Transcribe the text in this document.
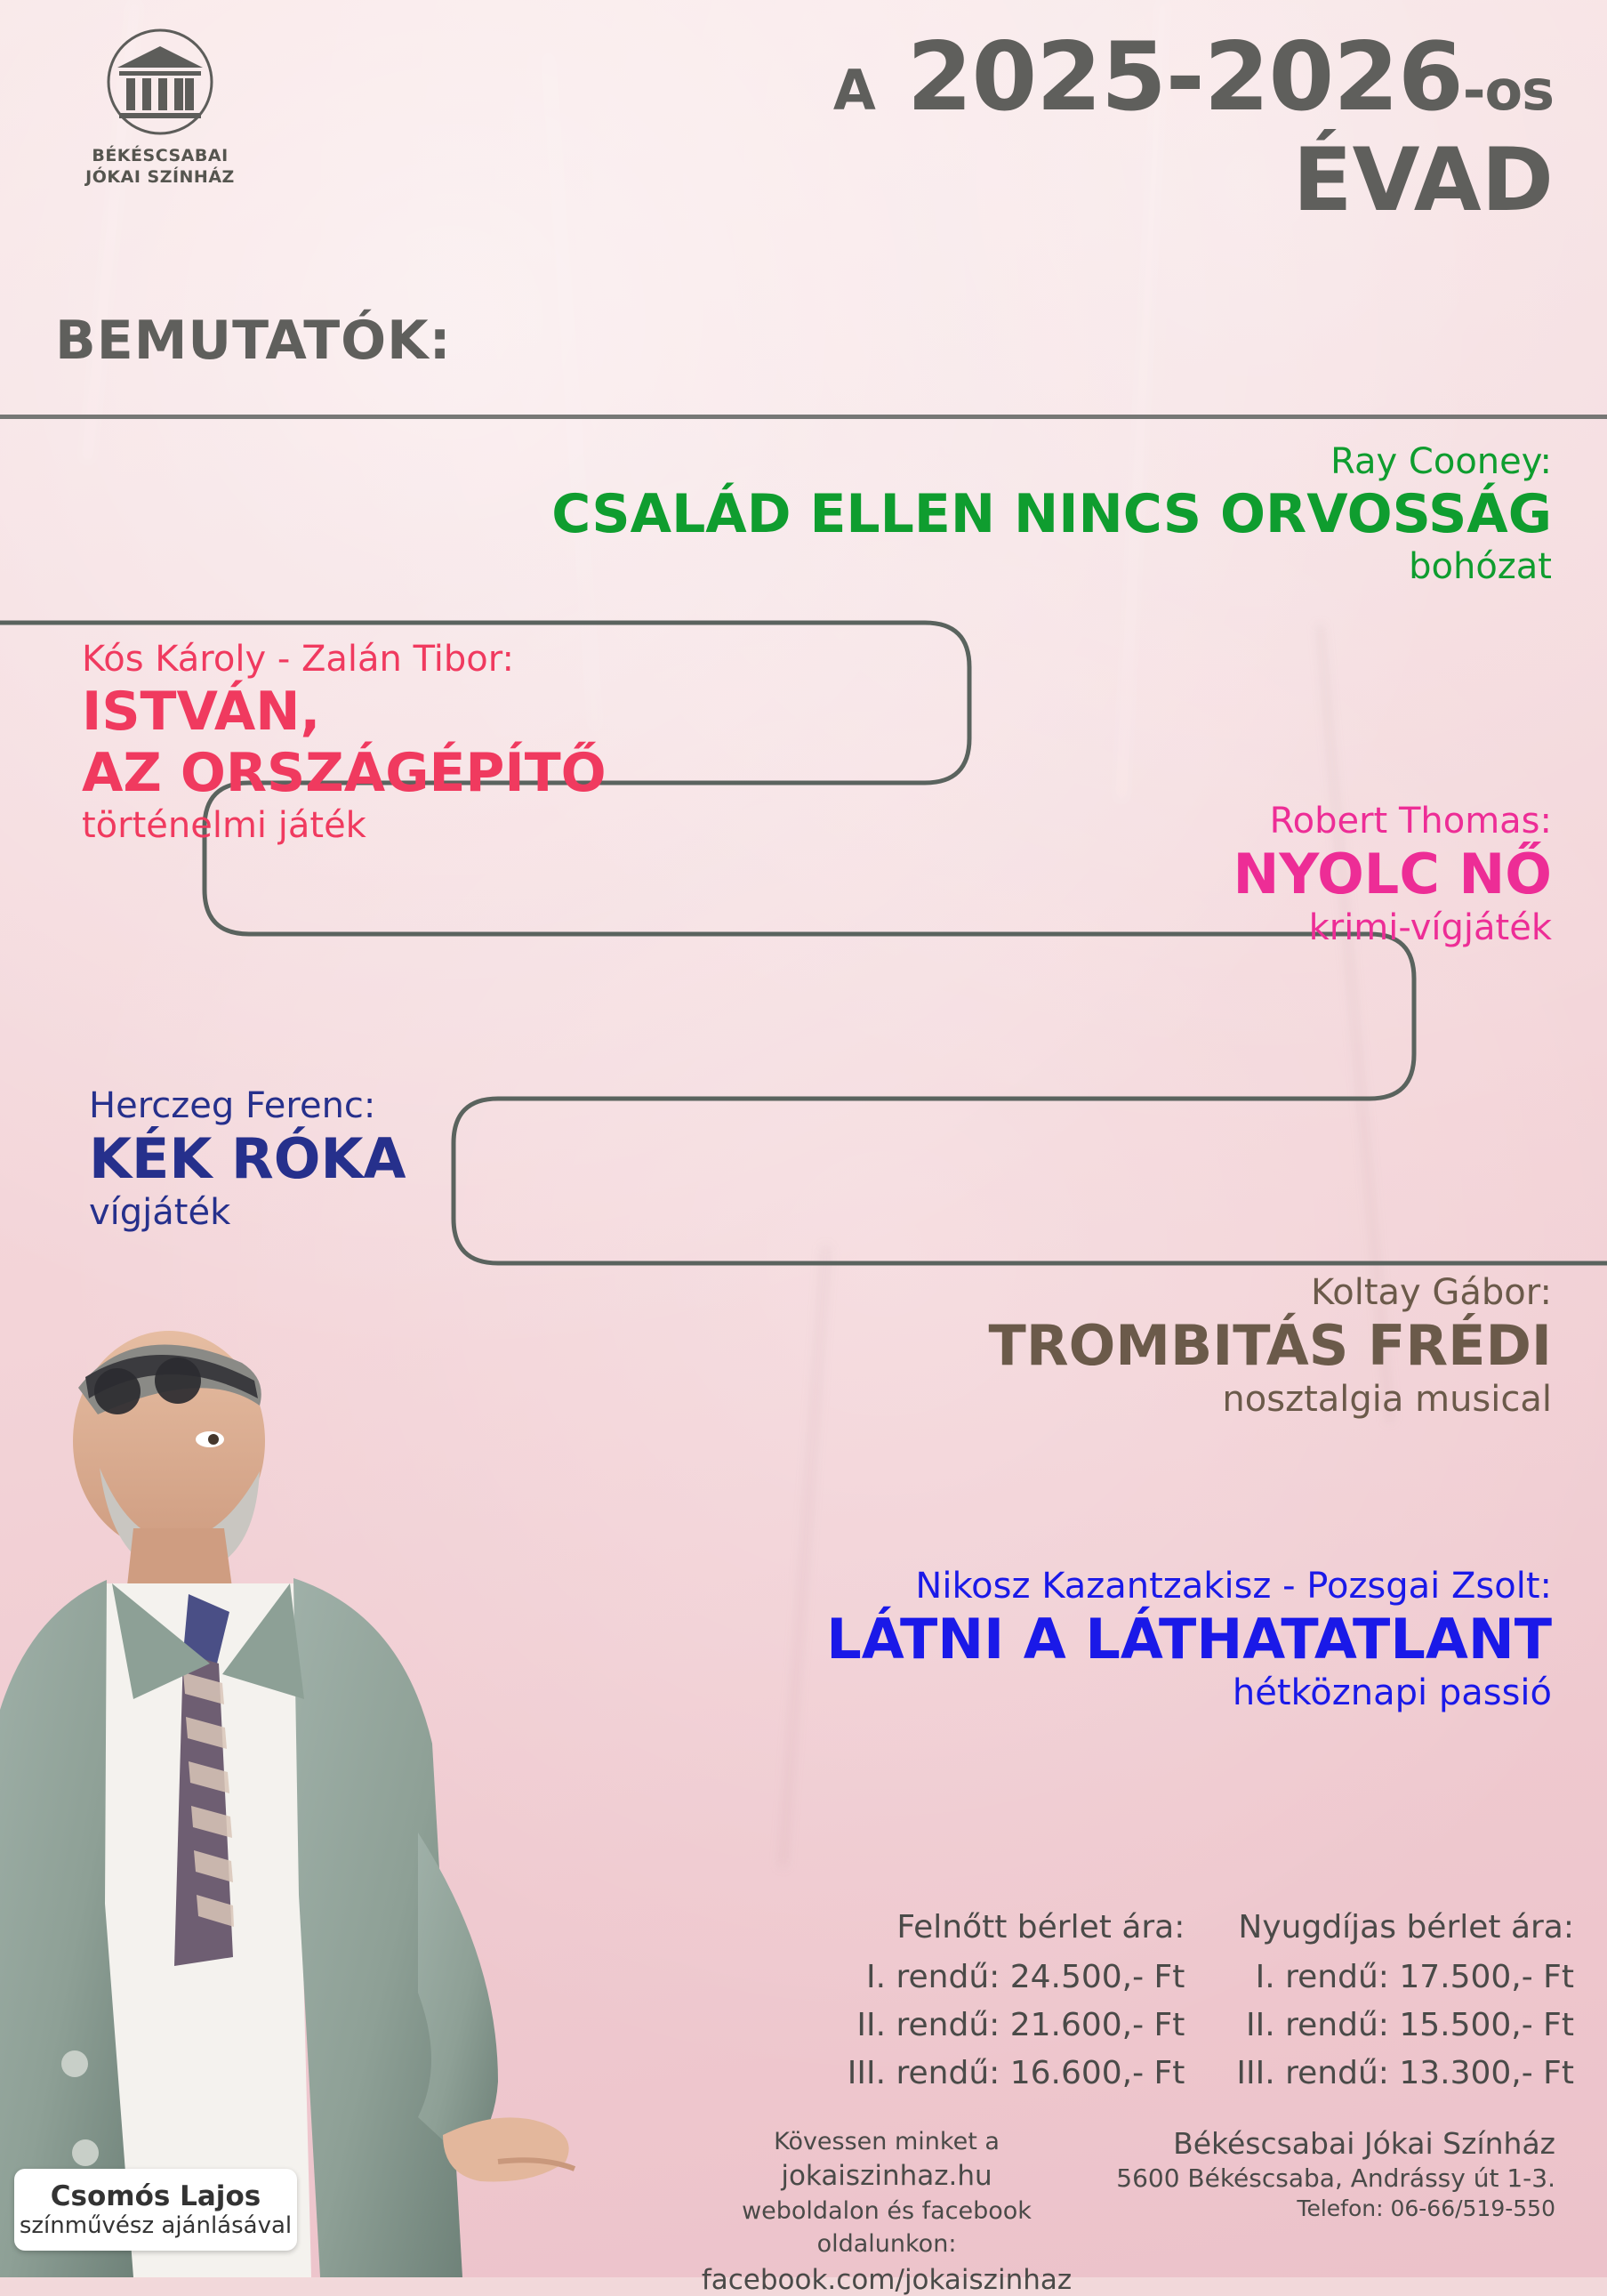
BÉKÉSCSABAI
JÓKAI SZÍNHÁZ
A 2025-2026-os
ÉVAD
BEMUTATÓK:
Ray Cooney:
CSALÁD ELLEN NINCS ORVOSSÁG
bohózat
Kós Károly - Zalán Tibor:
ISTVÁN,
AZ ORSZÁGÉPÍTŐ
történelmi játék	Robert Thomas:
NYOLC NŐ
krimi-vígjáték
Herczeg Ferenc:
KÉK RÓKA
vígjáték
Koltay Gábor:
TROMBITÁS FRÉDI
nosztalgia musical
Nikosz Kazantzakisz - Pozsgai Zsolt:
LÁTNI A LÁTHATATLANT
hétköznapi passió
Felnőtt bérlet ára:
I. rendű: 24.500,- Ft
II. rendű: 21.600,- Ft
III. rendű: 16.600,- Ft
Nyugdíjas bérlet ára:
I. rendű: 17.500,- Ft
II. rendű: 15.500,- Ft
III. rendű: 13.300,- Ft
Kövessen minket a jokaiszinhaz.hu
weboldalon és facebook oldalunkon:
facebook.com/jokaiszinhaz
Békéscsabai Jókai Színház
5600 Békéscsaba, Andrássy út 1-3.
Telefon: 06-66/519-550
Csomós Lajos
színművész ajánlásával
